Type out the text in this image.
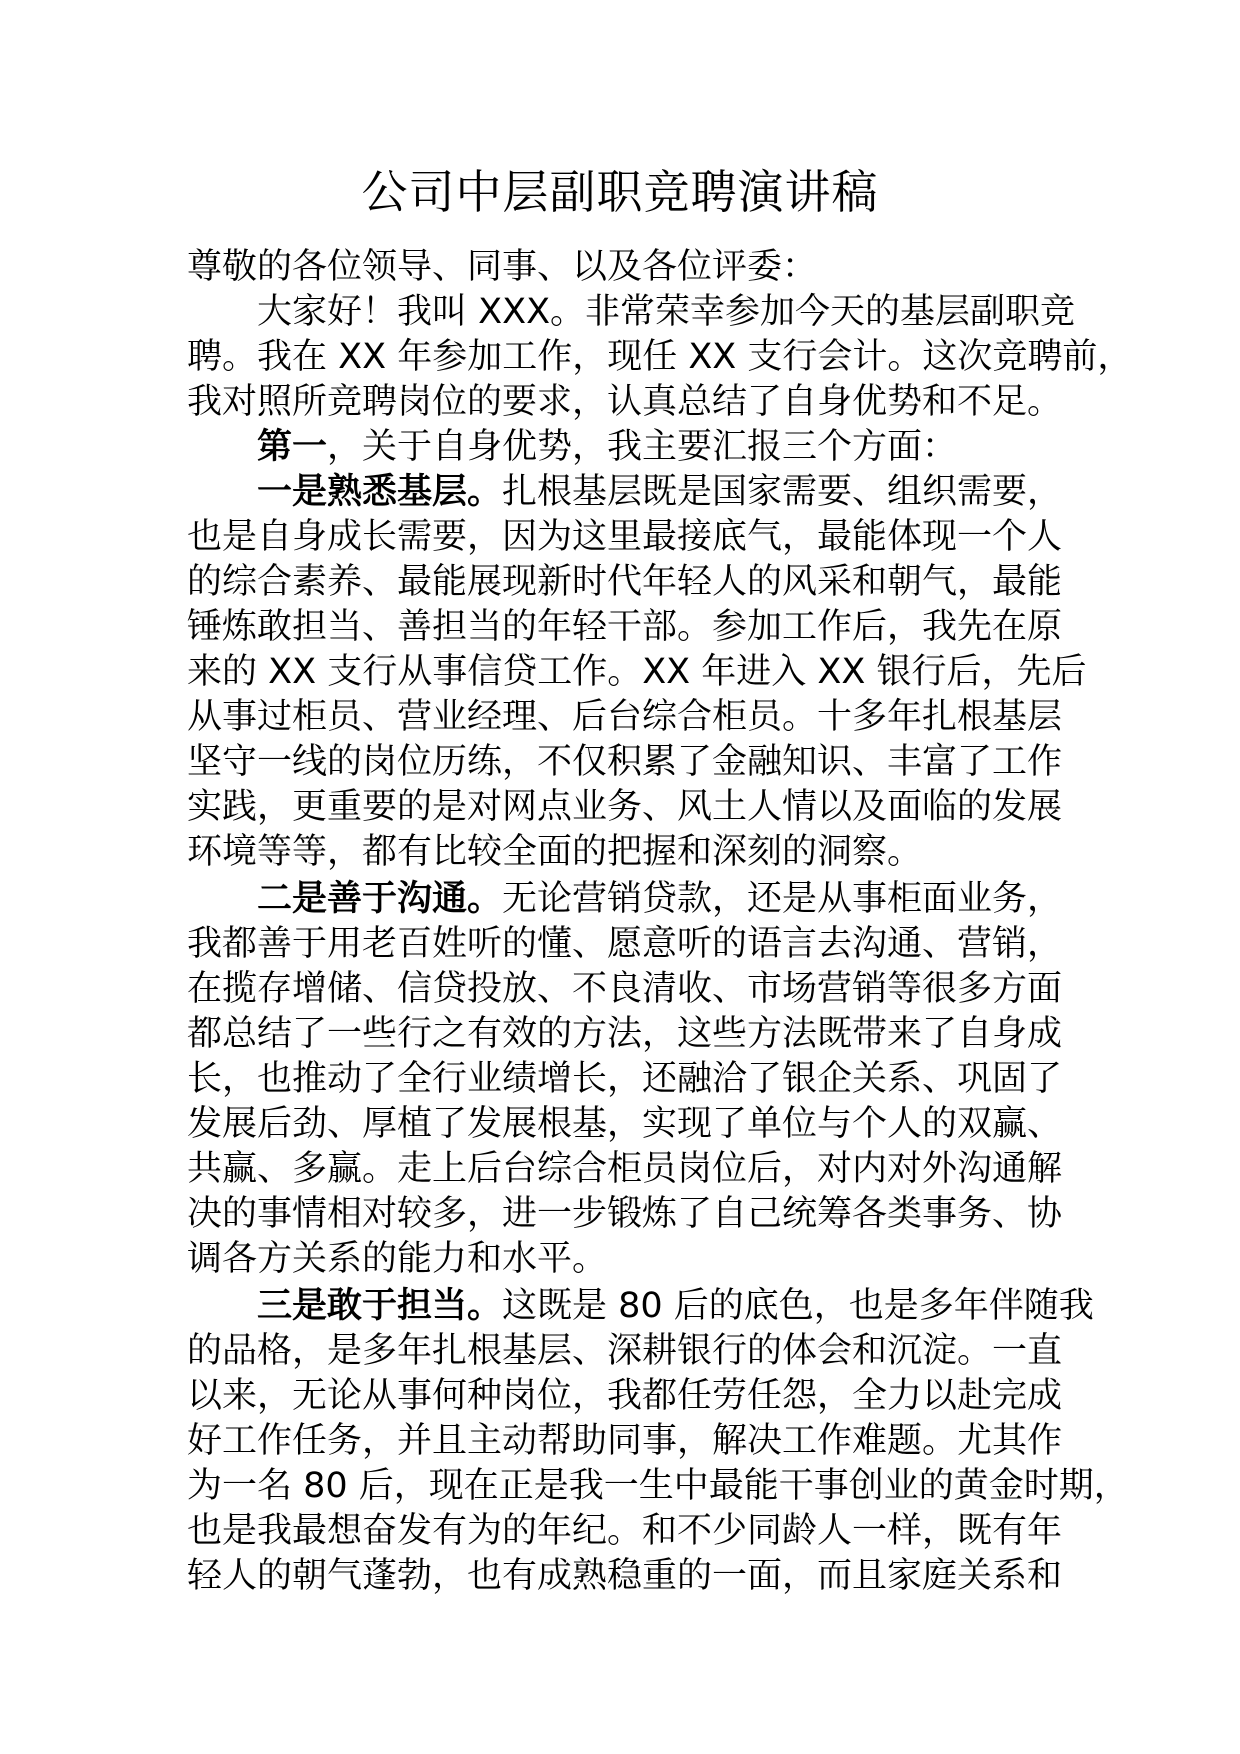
公司中层副职竞聘演讲稿

尊敬的各位领导、同事、以及各位评委：

大家好！我叫 XXX。非常荣幸参加今天的基层副职竞

聘。我在 XX 年参加工作，现任 XX 支行会计。这次竞聘前，

我对照所竞聘岗位的要求，认真总结了自身优势和不足。

第一，关于自身优势，我主要汇报三个方面：

一是熟悉基层。扎根基层既是国家需要、组织需要，

也是自身成长需要，因为这里最接底气，最能体现一个人

的综合素养、最能展现新时代年轻人的风采和朝气，最能

锤炼敢担当、善担当的年轻干部。参加工作后，我先在原

来的 XX 支行从事信贷工作。XX 年进入 XX 银行后，先后

从事过柜员、营业经理、后台综合柜员。十多年扎根基层

坚守一线的岗位历练，不仅积累了金融知识、丰富了工作

实践，更重要的是对网点业务、风土人情以及面临的发展

环境等等，都有比较全面的把握和深刻的洞察。

二是善于沟通。无论营销贷款，还是从事柜面业务，

我都善于用老百姓听的懂、愿意听的语言去沟通、营销，

在揽存增储、信贷投放、不良清收、市场营销等很多方面

都总结了一些行之有效的方法，这些方法既带来了自身成

长，也推动了全行业绩增长，还融洽了银企关系、巩固了

发展后劲、厚植了发展根基，实现了单位与个人的双赢、

共赢、多赢。走上后台综合柜员岗位后，对内对外沟通解

决的事情相对较多，进一步锻炼了自己统筹各类事务、协

调各方关系的能力和水平。

三是敢于担当。这既是 80 后的底色，也是多年伴随我

的品格，是多年扎根基层、深耕银行的体会和沉淀。一直

以来，无论从事何种岗位，我都任劳任怨，全力以赴完成

好工作任务，并且主动帮助同事，解决工作难题。尤其作

为一名 80 后，现在正是我一生中最能干事创业的黄金时期，

也是我最想奋发有为的年纪。和不少同龄人一样，既有年

轻人的朝气蓬勃，也有成熟稳重的一面，而且家庭关系和
